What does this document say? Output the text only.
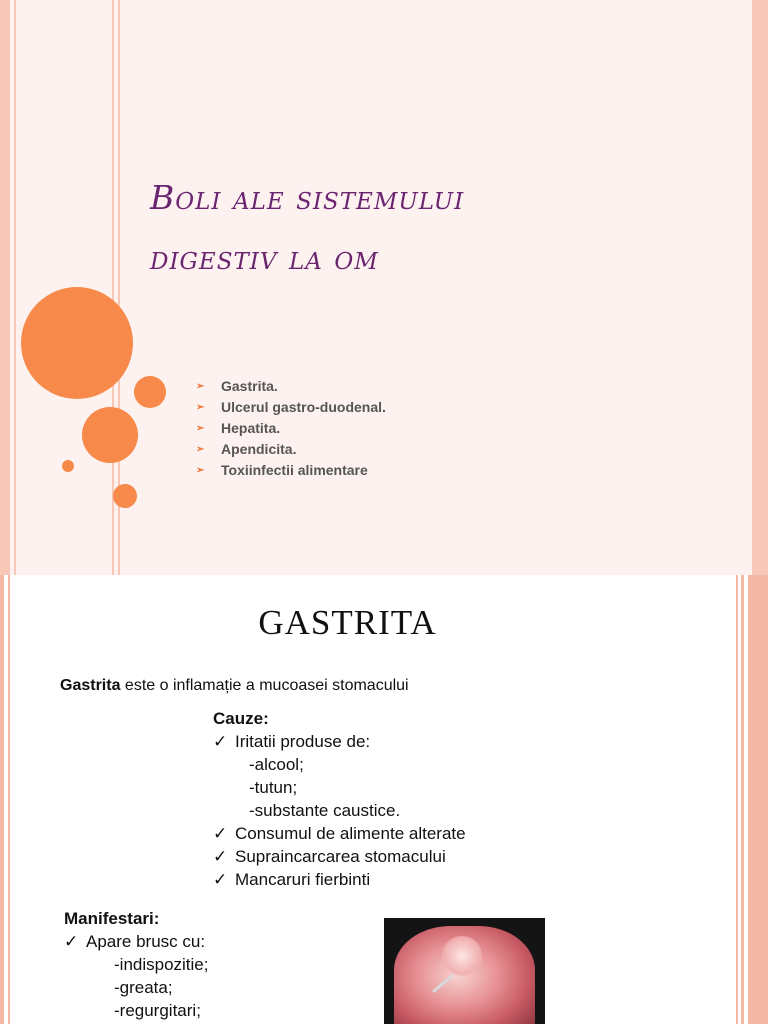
Boli ale sistemului
digestiv la om
➢ Gastrita.
➢ Ulcerul gastro-duodenal.
➢ Hepatita.
➢ Apendicita.
➢ Toxiinfectii alimentare
GASTRITA
Gastrita este o inflamație a mucoasei stomacului
Cauze:
✓ Iritatii produse de:
-alcool;
-tutun;
-substante caustice.
✓ Consumul de alimente alterate
✓ Supraincarcarea stomacului
✓ Mancaruri fierbinti
Manifestari:
✓ Apare brusc cu:
-indispozitie;
-greata;
-regurgitari;
